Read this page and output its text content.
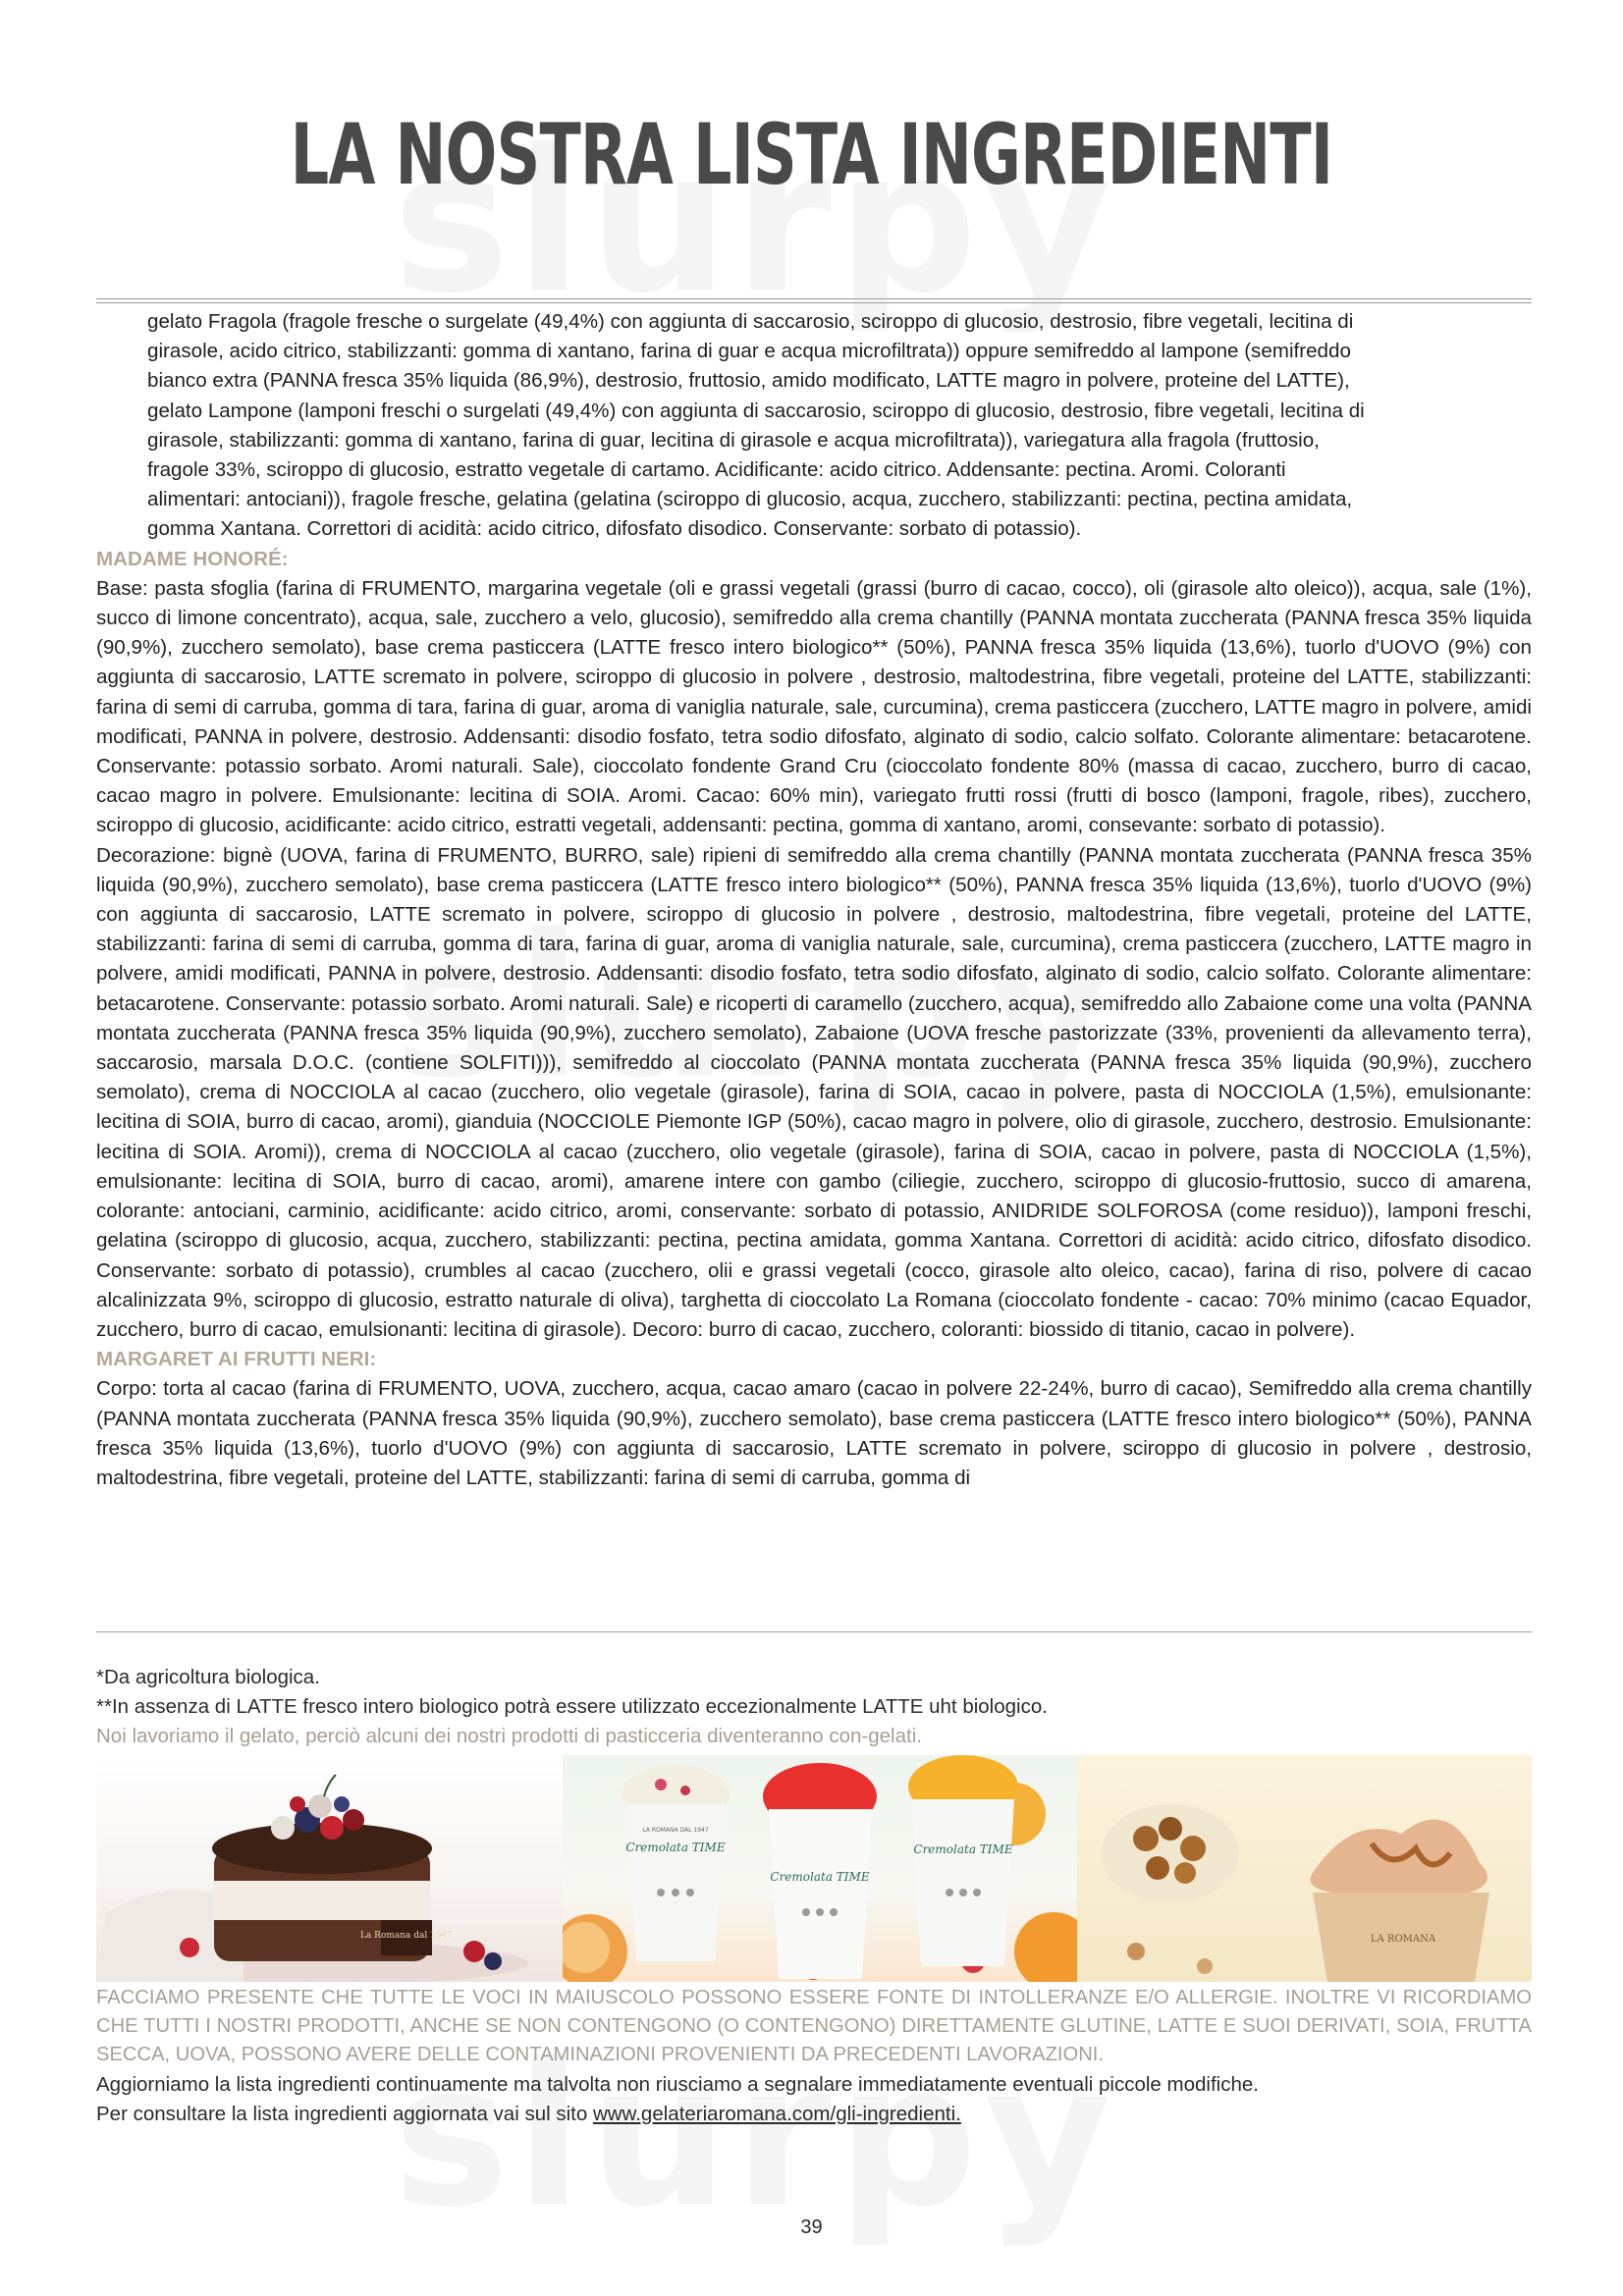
LA NOSTRA LISTA INGREDIENTI

gelato Fragola (fragole fresche o surgelate (49,4%) con aggiunta di saccarosio, sciroppo di glucosio, destrosio, fibre vegetali, lecitina di

girasole, acido citrico, stabilizzanti: gomma di xantano, farina di guar e acqua microfiltrata)) oppure semifreddo al lampone (semifreddo

bianco extra (PANNA fresca 35% liquida (86,9%), destrosio, fruttosio, amido modificato, LATTE magro in polvere, proteine del LATTE),

gelato Lampone (lamponi freschi o surgelati (49,4%) con aggiunta di saccarosio, sciroppo di glucosio, destrosio, fibre vegetali, lecitina di

girasole, stabilizzanti: gomma di xantano, farina di guar, lecitina di girasole e acqua microfiltrata)), variegatura alla fragola (fruttosio,

fragole 33%, sciroppo di glucosio, estratto vegetale di cartamo. Acidificante: acido citrico. Addensante: pectina. Aromi. Coloranti

alimentari: antociani)), fragole fresche, gelatina (gelatina (sciroppo di glucosio, acqua, zucchero, stabilizzanti: pectina, pectina amidata,

gomma Xantana. Correttori di acidità: acido citrico, difosfato disodico. Conservante: sorbato di potassio).

MADAME HONORÉ:

Base: pasta sfoglia (farina di FRUMENTO, margarina vegetale (oli e grassi vegetali (grassi (burro di cacao, cocco), oli (girasole alto oleico)), acqua, sale (1%), succo di limone concentrato), acqua, sale, zucchero a velo, glucosio), semifreddo alla crema chantilly (PANNA montata zuccherata (PANNA fresca 35% liquida (90,9%), zucchero semolato), base crema pasticcera (LATTE fresco intero biologico** (50%), PANNA fresca 35% liquida (13,6%), tuorlo d'UOVO (9%) con aggiunta di saccarosio, LATTE scremato in polvere, sciroppo di glucosio in polvere , destrosio, maltodestrina, fibre vegetali, proteine del LATTE, stabilizzanti: farina di semi di carruba, gomma di tara, farina di guar, aroma di vaniglia naturale, sale, curcumina), crema pasticcera (zucchero, LATTE magro in polvere, amidi modificati, PANNA in polvere, destrosio. Addensanti: disodio fosfato, tetra sodio difosfato, alginato di sodio, calcio solfato. Colorante alimentare: betacarotene. Conservante: potassio sorbato. Aromi naturali. Sale), cioccolato fondente Grand Cru (cioccolato fondente 80% (massa di cacao, zucchero, burro di cacao, cacao magro in polvere. Emulsionante: lecitina di SOIA. Aromi. Cacao: 60% min), variegato frutti rossi (frutti di bosco (lamponi, fragole, ribes), zucchero, sciroppo di glucosio, acidificante: acido citrico, estratti vegetali, addensanti: pectina, gomma di xantano, aromi, consevante: sorbato di potassio).

Decorazione: bignè (UOVA, farina di FRUMENTO, BURRO, sale) ripieni di semifreddo alla crema chantilly (PANNA montata zuccherata (PANNA fresca 35% liquida (90,9%), zucchero semolato), base crema pasticcera (LATTE fresco intero biologico** (50%), PANNA fresca 35% liquida (13,6%), tuorlo d'UOVO (9%) con aggiunta di saccarosio, LATTE scremato in polvere, sciroppo di glucosio in polvere , destrosio, maltodestrina, fibre vegetali, proteine del LATTE, stabilizzanti: farina di semi di carruba, gomma di tara, farina di guar, aroma di vaniglia naturale, sale, curcumina), crema pasticcera (zucchero, LATTE magro in polvere, amidi modificati, PANNA in polvere, destrosio. Addensanti: disodio fosfato, tetra sodio difosfato, alginato di sodio, calcio solfato. Colorante alimentare: betacarotene. Conservante: potassio sorbato. Aromi naturali. Sale) e ricoperti di caramello (zucchero, acqua), semifreddo allo Zabaione come una volta (PANNA montata zuccherata (PANNA fresca 35% liquida (90,9%), zucchero semolato), Zabaione (UOVA fresche pastorizzate (33%, provenienti da allevamento terra), saccarosio, marsala D.O.C. (contiene SOLFITI))), semifreddo al cioccolato (PANNA montata zuccherata (PANNA fresca 35% liquida (90,9%), zucchero semolato), crema di NOCCIOLA al cacao (zucchero, olio vegetale (girasole), farina di SOIA, cacao in polvere, pasta di NOCCIOLA (1,5%), emulsionante: lecitina di SOIA, burro di cacao, aromi), gianduia (NOCCIOLE Piemonte IGP (50%), cacao magro in polvere, olio di girasole, zucchero, destrosio. Emulsionante: lecitina di SOIA. Aromi)), crema di NOCCIOLA al cacao (zucchero, olio vegetale (girasole), farina di SOIA, cacao in polvere, pasta di NOCCIOLA (1,5%), emulsionante: lecitina di SOIA, burro di cacao, aromi), amarene intere con gambo (ciliegie, zucchero, sciroppo di glucosio-fruttosio, succo di amarena, colorante: antociani, carminio, acidificante: acido citrico, aromi, conservante: sorbato di potassio, ANIDRIDE SOLFOROSA (come residuo)), lamponi freschi, gelatina (sciroppo di glucosio, acqua, zucchero, stabilizzanti: pectina, pectina amidata, gomma Xantana. Correttori di acidità: acido citrico, difosfato disodico. Conservante: sorbato di potassio), crumbles al cacao (zucchero, olii e grassi vegetali (cocco, girasole alto oleico, cacao), farina di riso, polvere di cacao alcalinizzata 9%, sciroppo di glucosio, estratto naturale di oliva), targhetta di cioccolato La Romana (cioccolato fondente - cacao: 70% minimo (cacao Equador, zucchero, burro di cacao, emulsionanti: lecitina di girasole). Decoro: burro di cacao, zucchero, coloranti: biossido di titanio, cacao in polvere).

MARGARET AI FRUTTI NERI:

Corpo: torta al cacao (farina di FRUMENTO, UOVA, zucchero, acqua, cacao amaro (cacao in polvere 22-24%, burro di cacao), Semifreddo alla crema chantilly (PANNA montata zuccherata (PANNA fresca 35% liquida (90,9%), zucchero semolato), base crema pasticcera (LATTE fresco intero biologico** (50%), PANNA fresca 35% liquida (13,6%), tuorlo d'UOVO (9%) con aggiunta di saccarosio, LATTE scremato in polvere, sciroppo di glucosio in polvere , destrosio, maltodestrina, fibre vegetali, proteine del LATTE, stabilizzanti: farina di semi di carruba, gomma di

*Da agricoltura biologica.

**In assenza di LATTE fresco intero biologico potrà essere utilizzato eccezionalmente LATTE uht biologico.

Noi lavoriamo il gelato, perciò alcuni dei nostri prodotti di pasticceria diventeranno con-gelati.

La Romana dal 1947
LA ROMANA DAL 1947
Cremolata TIME
Cremolata TIME
Cremolata TIME
LA ROMANA

FACCIAMO PRESENTE CHE TUTTE LE VOCI IN MAIUSCOLO POSSONO ESSERE FONTE DI INTOLLERANZE E/O ALLERGIE. INOLTRE VI RICORDIAMO CHE TUTTI I NOSTRI PRODOTTI, ANCHE SE NON CONTENGONO (O CONTENGONO) DIRETTAMENTE GLUTINE, LATTE E SUOI DERIVATI, SOIA, FRUTTA SECCA, UOVA, POSSONO AVERE DELLE CONTAMINAZIONI PROVENIENTI DA PRECEDENTI LAVORAZIONI.

Aggiorniamo la lista ingredienti continuamente ma talvolta non riusciamo a segnalare immediatamente eventuali piccole modifiche.

Per consultare la lista ingredienti aggiornata vai sul sito www.gelateriaromana.com/gli-ingredienti.

39
